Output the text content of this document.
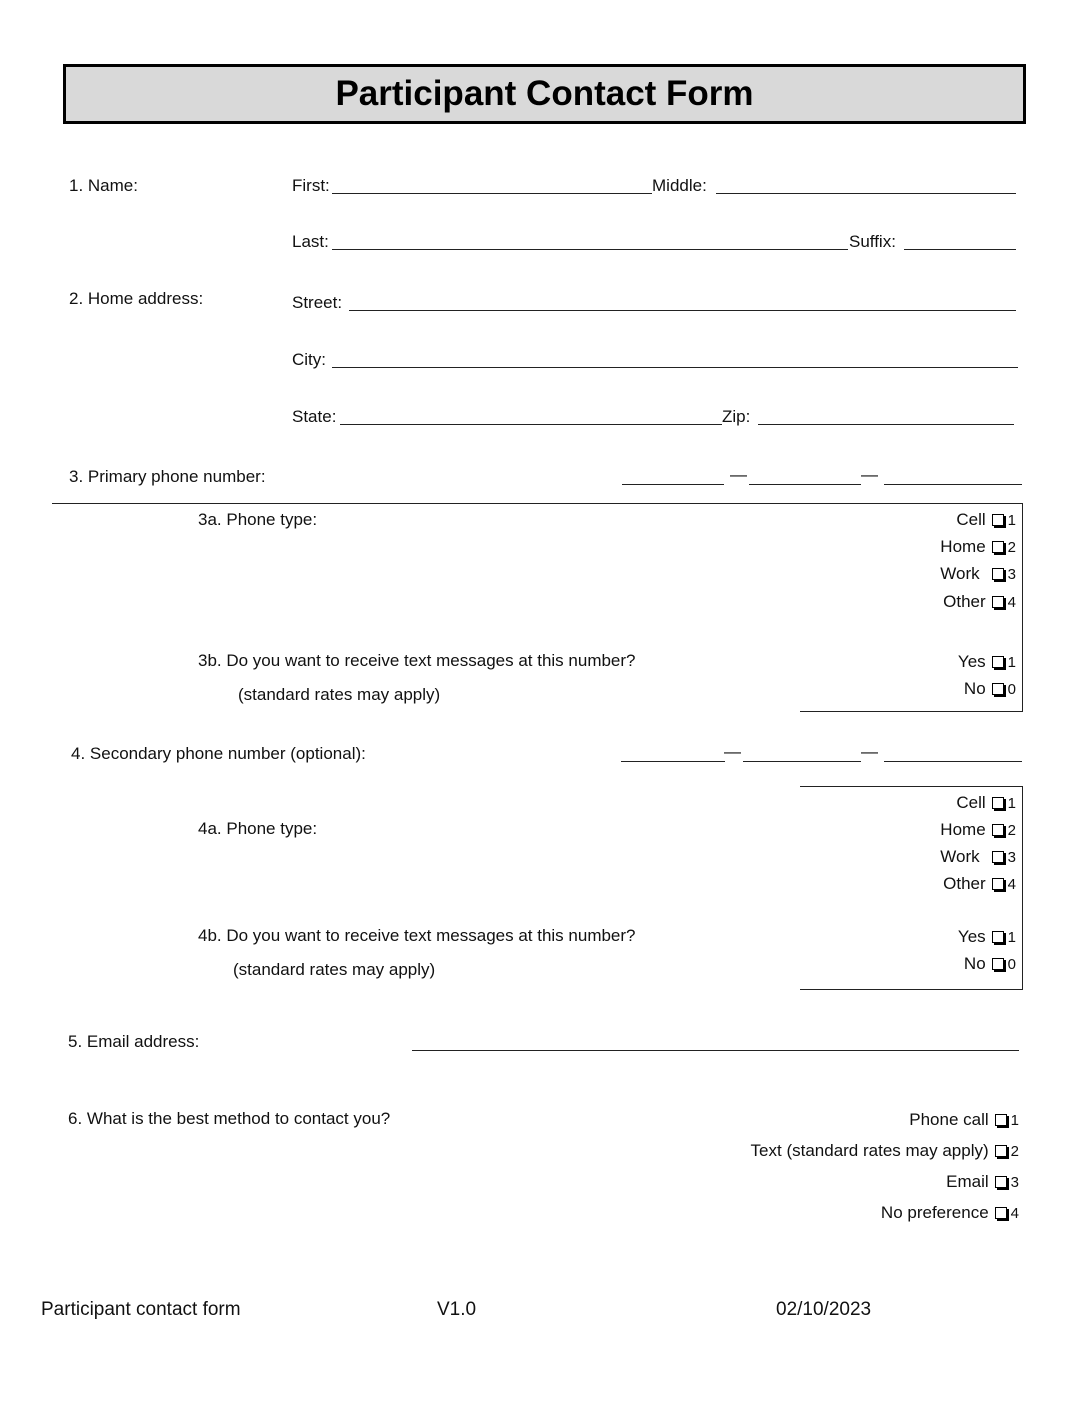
Participant Contact Form
1. Name:	First:	Middle:
Last:	Suffix:
2. Home address:	Street:
City:
State:	Zip:
3. Primary phone number:	—	—
3a. Phone type:	Cell 1
Home 2
Work 3
Other 4
3b. Do you want to receive text messages at this number?
(standard rates may apply)
Yes 1
No 0
4. Secondary phone number (optional):	—	—
4a. Phone type:
Cell 1
Home 2
Work 3
Other 4
4b. Do you want to receive text messages at this number?
(standard rates may apply)
Yes 1
No 0
5. Email address:
6. What is the best method to contact you?	Phone call 1
Text (standard rates may apply) 2
Email 3
No preference 4
Participant contact form	V1.0	02/10/2023
